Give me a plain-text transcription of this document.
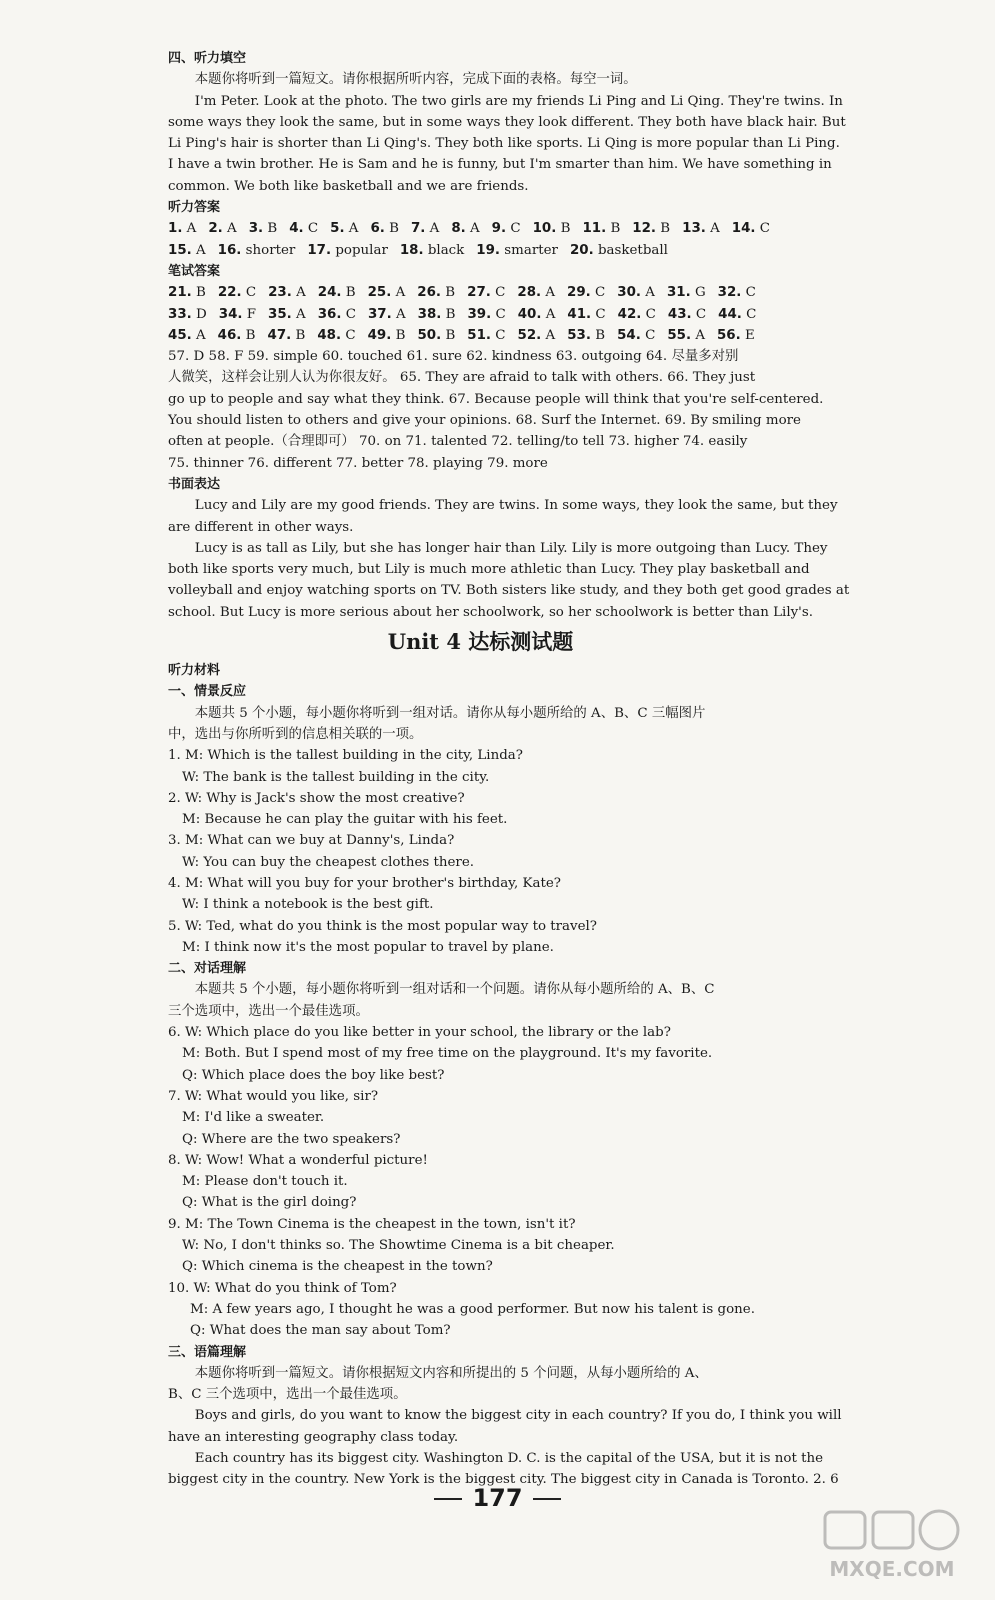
四、听力填空

本题你将听到一篇短文。请你根据所听内容，完成下面的表格。每空一词。

I'm Peter. Look at the photo. The two girls are my friends Li Ping and Li Qing. They're twins. In

some ways they look the same, but in some ways they look different. They both have black hair. But

Li Ping's hair is shorter than Li Qing's. They both like sports. Li Qing is more popular than Li Ping.

I have a twin brother. He is Sam and he is funny, but I'm smarter than him. We have something in

common. We both like basketball and we are friends.

听力答案

1. A 2. A 3. B 4. C 5. A 6. B 7. A 8. A 9. C 10. B 11. B 12. B 13. A 14. C

15. A 16. shorter 17. popular 18. black 19. smarter 20. basketball

笔试答案

21. B 22. C 23. A 24. B 25. A 26. B 27. C 28. A 29. C 30. A 31. G 32. C

33. D 34. F 35. A 36. C 37. A 38. B 39. C 40. A 41. C 42. C 43. C 44. C

45. A 46. B 47. B 48. C 49. B 50. B 51. C 52. A 53. B 54. C 55. A 56. E

57. D 58. F 59. simple 60. touched 61. sure 62. kindness 63. outgoing 64. 尽量多对别

人微笑，这样会让别人认为你很友好。 65. They are afraid to talk with others. 66. They just

go up to people and say what they think. 67. Because people will think that you're self-centered.

You should listen to others and give your opinions. 68. Surf the Internet. 69. By smiling more

often at people.（合理即可） 70. on 71. talented 72. telling/to tell 73. higher 74. easily

75. thinner 76. different 77. better 78. playing 79. more

书面表达

Lucy and Lily are my good friends. They are twins. In some ways, they look the same, but they

are different in other ways.

Lucy is as tall as Lily, but she has longer hair than Lily. Lily is more outgoing than Lucy. They

both like sports very much, but Lily is much more athletic than Lucy. They play basketball and

volleyball and enjoy watching sports on TV. Both sisters like study, and they both get good grades at

school. But Lucy is more serious about her schoolwork, so her schoolwork is better than Lily's.

Unit 4 达标测试题

听力材料

一、情景反应

本题共 5 个小题，每小题你将听到一组对话。请你从每小题所给的 A、B、C 三幅图片

中，选出与你所听到的信息相关联的一项。

1. M: Which is the tallest building in the city, Linda?

W: The bank is the tallest building in the city.

2. W: Why is Jack's show the most creative?

M: Because he can play the guitar with his feet.

3. M: What can we buy at Danny's, Linda?

W: You can buy the cheapest clothes there.

4. M: What will you buy for your brother's birthday, Kate?

W: I think a notebook is the best gift.

5. W: Ted, what do you think is the most popular way to travel?

M: I think now it's the most popular to travel by plane.

二、对话理解

本题共 5 个小题，每小题你将听到一组对话和一个问题。请你从每小题所给的 A、B、C

三个选项中，选出一个最佳选项。

6. W: Which place do you like better in your school, the library or the lab?

M: Both. But I spend most of my free time on the playground. It's my favorite.

Q: Which place does the boy like best?

7. W: What would you like, sir?

M: I'd like a sweater.

Q: Where are the two speakers?

8. W: Wow! What a wonderful picture!

M: Please don't touch it.

Q: What is the girl doing?

9. M: The Town Cinema is the cheapest in the town, isn't it?

W: No, I don't thinks so. The Showtime Cinema is a bit cheaper.

Q: Which cinema is the cheapest in the town?

10. W: What do you think of Tom?

M: A few years ago, I thought he was a good performer. But now his talent is gone.

Q: What does the man say about Tom?

三、语篇理解

本题你将听到一篇短文。请你根据短文内容和所提出的 5 个问题，从每小题所给的 A、

B、C 三个选项中，选出一个最佳选项。

Boys and girls, do you want to know the biggest city in each country? If you do, I think you will

have an interesting geography class today.

Each country has its biggest city. Washington D. C. is the capital of the USA, but it is not the

biggest city in the country. New York is the biggest city. The biggest city in Canada is Toronto. 2. 6

177
MXQE.COM
